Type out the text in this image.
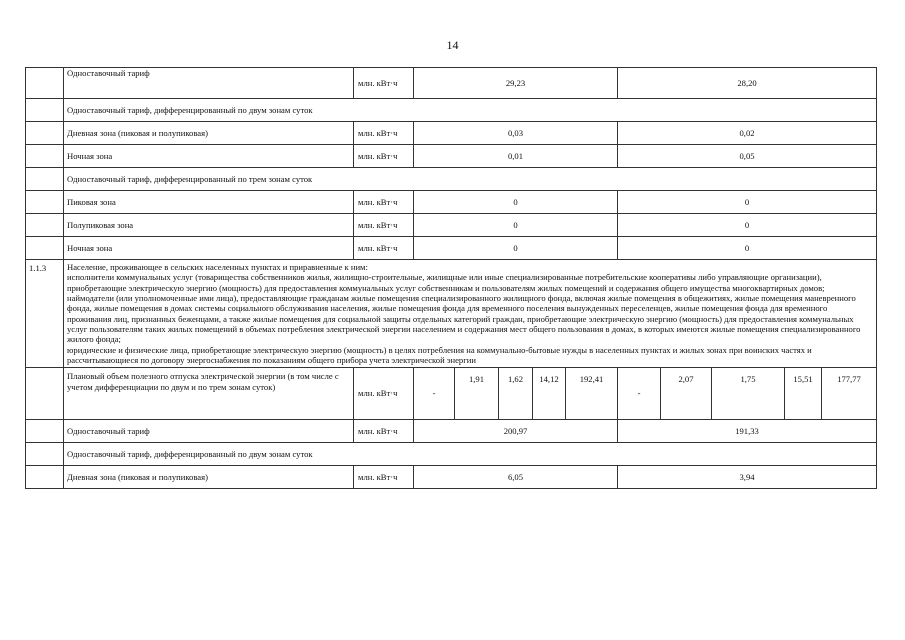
14
	Одноставочный тариф	млн. кВт·ч	29,23					28,20				
	Одноставочный тариф, дифференцированный по двум зонам суток											
	Дневная зона (пиковая и полупиковая)	млн. кВт·ч	0,03					0,02				
	Ночная зона	млн. кВт·ч	0,01					0,05				
	Одноставочный тариф, дифференцированный по трем зонам суток											
	Пиковая зона	млн. кВт·ч	0					0				
	Полупиковая зона	млн. кВт·ч	0					0				
	Ночная зона	млн. кВт·ч	0					0				
1.1.3	Население, проживающее в сельских населенных пунктах и приравненные к ним:
исполнители коммунальных услуг (товарищества собственников жилья, жилищно-строительные, жилищные или иные специализированные потребительские кооперативы либо управляющие организации), приобретающие электрическую энергию (мощность) для предоставления коммунальных услуг собственникам и пользователям жилых помещений и содержания общего имущества многоквартирных домов; наймодатели (или уполномоченные ими лица), предоставляющие гражданам жилые помещения специализированного жилищного фонда, включая жилые помещения в общежитиях, жилые помещения маневренного фонда, жилые помещения в домах системы социального обслуживания населения, жилые помещения фонда для временного поселения вынужденных переселенцев, жилые помещения фонда для временного проживания лиц, признанных беженцами, а также жилые помещения для социальной защиты отдельных категорий граждан, приобретающие электрическую энергию (мощность) для предоставления коммунальных услуг пользователям таких жилых помещений в объемах потребления электрической энергии населением и содержания мест общего пользования в домах, в которых имеются жилые помещения специализированного жилого фонда;
юридические и физические лица, приобретающие электрическую энергию (мощность) в целях потребления на коммунально-бытовые нужды в населенных пунктах и жилых зонах при воинских частях и рассчитывающиеся по договору энергоснабжения по показаниям общего прибора учета электрической энергии											
	Плановый объем полезного отпуска электрической энергии (в том числе с учетом дифференциации по двум и по трем зонам суток)	млн. кВт·ч	-	1,91	1,62	14,12	192,41	-	2,07	1,75	15,51	177,77
	Одноставочный тариф	млн. кВт·ч	200,97					191,33				
	Одноставочный тариф, дифференцированный по двум зонам суток											
	Дневная зона (пиковая и полупиковая)	млн. кВт·ч	6,05					3,94				
